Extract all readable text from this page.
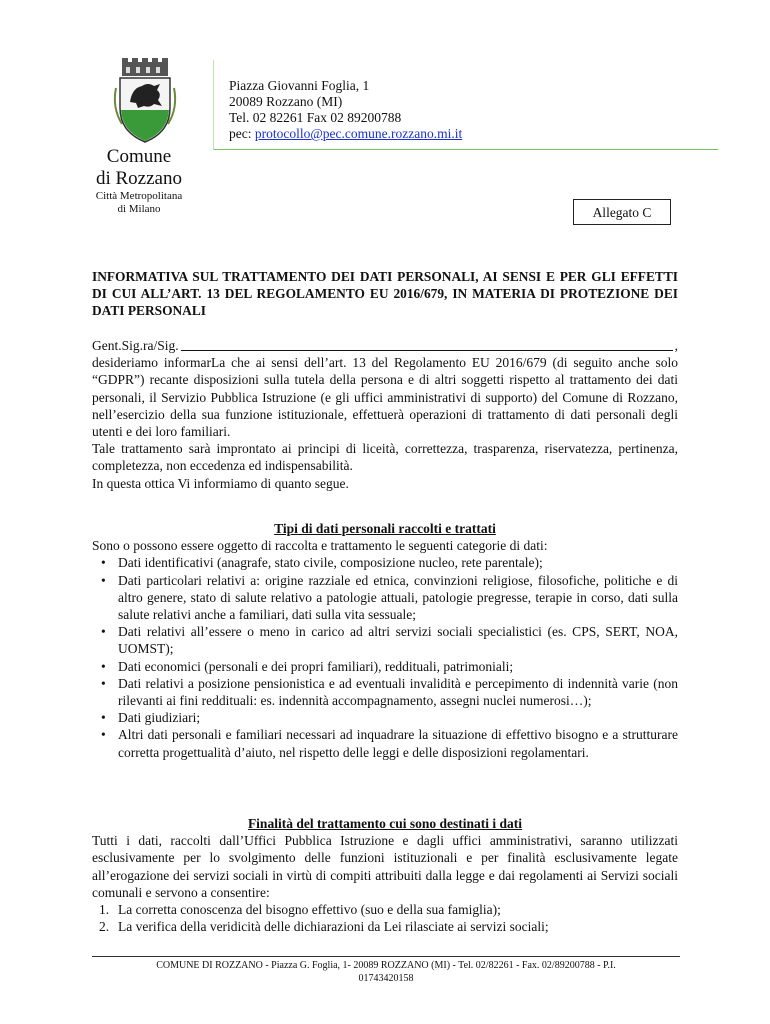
Comune
di Rozzano
Città Metropolitana
di Milano
Piazza Giovanni Foglia, 1
20089 Rozzano (MI)
Tel. 02 82261 Fax 02 89200788
pec: protocollo@pec.comune.rozzano.mi.it
Allegato C
INFORMATIVA SUL TRATTAMENTO DEI DATI PERSONALI, AI SENSI E PER GLI EFFETTI DI CUI ALL’ART. 13 DEL REGOLAMENTO EU 2016/679, IN MATERIA DI PROTEZIONE DEI DATI PERSONALI
Gent.Sig.ra/Sig.	,

desideriamo informarLa che ai sensi dell’art. 13 del Regolamento EU 2016/679 (di seguito anche solo “GDPR”) recante disposizioni sulla tutela della persona e di altri soggetti rispetto al trattamento dei dati personali, il Servizio Pubblica Istruzione (e gli uffici amministrativi di supporto) del Comune di Rozzano, nell’esercizio della sua funzione istituzionale, effettuerà operazioni di trattamento di dati personali degli utenti e dei loro familiari.

Tale trattamento sarà improntato ai principi di liceità, correttezza, trasparenza, riservatezza, pertinenza, completezza, non eccedenza ed indispensabilità.

In questa ottica Vi informiamo di quanto segue.

Tipi di dati personali raccolti e trattati

Sono o possono essere oggetto di raccolta e trattamento le seguenti categorie di dati:

• Dati identificativi (anagrafe, stato civile, composizione nucleo, rete parentale);
• Dati particolari relativi a: origine razziale ed etnica, convinzioni religiose, filosofiche, politiche e di altro genere, stato di salute relativo a patologie attuali, patologie pregresse, terapie in corso, dati sulla salute relativi anche a familiari, dati sulla vita sessuale;
• Dati relativi all’essere o meno in carico ad altri servizi sociali specialistici (es. CPS, SERT, NOA, UOMST);
• Dati economici (personali e dei propri familiari), reddituali, patrimoniali;
• Dati relativi a posizione pensionistica e ad eventuali invalidità e percepimento di indennità varie (non rilevanti ai fini reddituali: es. indennità accompagnamento, assegni nuclei numerosi…);
• Dati giudiziari;
• Altri dati personali e familiari necessari ad inquadrare la situazione di effettivo bisogno e a strutturare corretta progettualità d’aiuto, nel rispetto delle leggi e delle disposizioni regolamentari.

Finalità del trattamento cui sono destinati i dati

Tutti i dati, raccolti dall’Uffici Pubblica Istruzione e dagli uffici amministrativi, saranno utilizzati esclusivamente per lo svolgimento delle funzioni istituzionali e per finalità esclusivamente legate all’erogazione dei servizi sociali in virtù di compiti attribuiti dalla legge e dai regolamenti ai Servizi sociali comunali e servono a consentire:

1. La corretta conoscenza del bisogno effettivo (suo e della sua famiglia);
2. La verifica della veridicità delle dichiarazioni da Lei rilasciate ai servizi sociali;
COMUNE DI ROZZANO - Piazza G. Foglia, 1- 20089 ROZZANO (MI) - Tel. 02/82261 - Fax. 02/89200788 - P.I.
01743420158
